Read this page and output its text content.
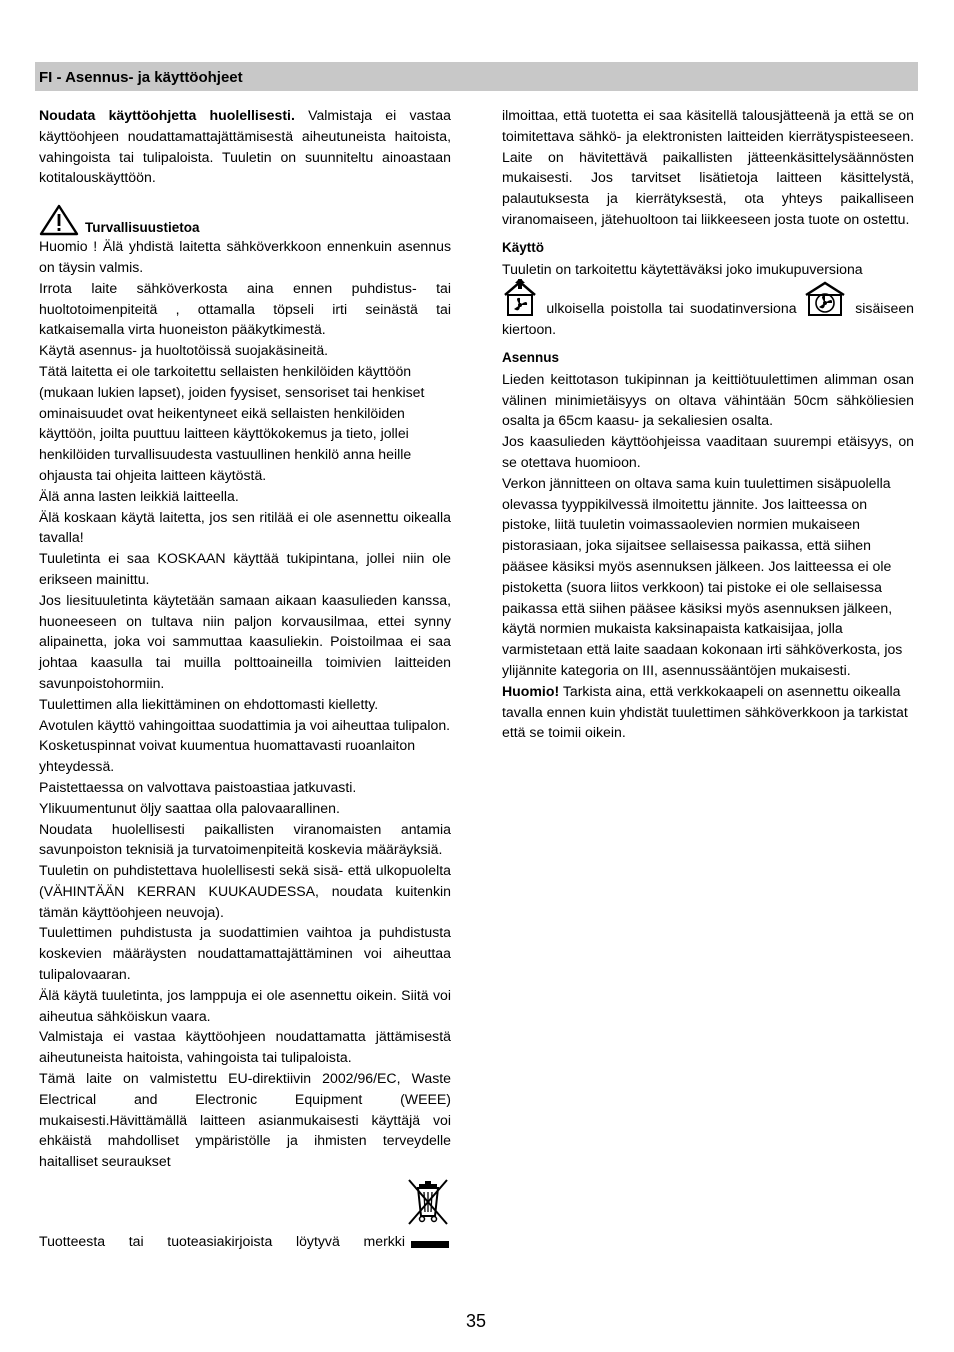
FI - Asennus- ja käyttöohjeet

Noudata käyttöohjetta huolellisesti. Valmistaja ei vastaa käyttöohjeen noudattamattajättämisestä aiheutuneista haitoista, vahingoista tai tulipaloista. Tuuletin on suunniteltu ainoastaan kotitalouskäyttöön.

Turvallisuustietoa

Huomio ! Älä yhdistä laitetta sähköverkkoon ennenkuin asennus on täysin valmis.

Irrota laite sähköverkosta aina ennen puhdistus- tai huoltotoimenpiteitä , ottamalla töpseli irti seinästä tai katkaisemalla virta huoneiston pääkytkimestä.

Käytä asennus- ja huoltotöissä suojakäsineitä.

Tätä laitetta ei ole tarkoitettu sellaisten henkilöiden käyttöön (mukaan lukien lapset), joiden fyysiset, sensoriset tai henkiset ominaisuudet ovat heikentyneet eikä sellaisten henkilöiden käyttöön, joilta puuttuu laitteen käyttökokemus ja tieto, jollei henkilöiden turvallisuudesta vastuullinen henkilö anna heille ohjausta tai ohjeita laitteen käytöstä.

Älä anna lasten leikkiä laitteella.

Älä koskaan käytä laitetta, jos sen ritilää ei ole asennettu oikealla tavalla!

Tuuletinta ei saa KOSKAAN käyttää tukipintana, jollei niin ole erikseen mainittu.

Jos liesituuletinta käytetään samaan aikaan kaasulieden kanssa, huoneeseen on tultava niin paljon korvausilmaa, ettei synny alipainetta, joka voi sammuttaa kaasuliekin. Poistoilmaa ei saa johtaa kaasulla tai muilla polttoaineilla toimivien laitteiden savunpoistohormiin.

Tuulettimen alla liekittäminen on ehdottomasti kielletty.

Avotulen käyttö vahingoittaa suodattimia ja voi aiheuttaa tulipalon.

Kosketuspinnat voivat kuumentua huomattavasti ruoanlaiton yhteydessä.

Paistettaessa on valvottava paistoastiaa jatkuvasti.

Ylikuumentunut öljy saattaa olla palovaarallinen.

Noudata huolellisesti paikallisten viranomaisten antamia savunpoiston teknisiä ja turvatoimenpiteitä koskevia määräyksiä.

Tuuletin on puhdistettava huolellisesti sekä sisä- että ulkopuolelta (VÄHINTÄÄN KERRAN KUUKAUDESSA, noudata kuitenkin tämän käyttöohjeen neuvoja).

Tuulettimen puhdistusta ja suodattimien vaihtoa ja puhdistusta koskevien määräysten noudattamattajättäminen voi aiheuttaa tulipalovaaran.

Älä käytä tuuletinta, jos lamppuja ei ole asennettu oikein. Siitä voi aiheutua sähköiskun vaara.

Valmistaja ei vastaa käyttöohjeen noudattamatta jättämisestä aiheutuneista haitoista, vahingoista tai tulipaloista.

Tämä laite on valmistettu EU-direktiivin 2002/96/EC, Waste Electrical and Electronic Equipment (WEEE) mukaisesti.Hävittämällä laitteen asianmukaisesti käyttäjä voi ehkäistä mahdolliset ympäristölle ja ihmisten terveydelle haitalliset seuraukset

Tuotteesta tai tuoteasiakirjoista löytyvä merkki

ilmoittaa, että tuotetta ei saa käsitellä talousjätteenä ja että se on toimitettava sähkö- ja elektronisten laitteiden kierrätyspisteeseen. Laite on hävitettävä paikallisten jätteenkäsittelysäännösten mukaisesti. Jos tarvitset lisätietoja laitteen käsittelystä, palautuksesta ja kierrätyksestä, ota yhteys paikalliseen viranomaiseen, jätehuoltoon tai liikkeeseen josta tuote on ostettu.

Käyttö

Tuuletin on tarkoitettu käytettäväksi joko imukupuversiona

ulkoisella poistolla tai suodatinversiona	sisäiseen kiertoon.

Asennus

Lieden keittotason tukipinnan ja keittiötuulettimen alimman osan välinen minimietäisyys on oltava vähintään 50cm sähköliesien osalta ja 65cm kaasu- ja sekaliesien osalta.

Jos kaasulieden käyttöohjeissa vaaditaan suurempi etäisyys, on se otettava huomioon.

Verkon jännitteen on oltava sama kuin tuulettimen sisäpuolella olevassa tyyppikilvessä ilmoitettu jännite. Jos laitteessa on pistoke, liitä tuuletin voimassaolevien normien mukaiseen pistorasiaan, joka sijaitsee sellaisessa paikassa, että siihen pääsee käsiksi myös asennuksen jälkeen. Jos laitteessa ei ole pistoketta (suora liitos verkkoon) tai pistoke ei ole sellaisessa paikassa että siihen pääsee käsiksi myös asennuksen jälkeen, käytä normien mukaista kaksinapaista katkaisijaa, jolla varmistetaan että laite saadaan kokonaan irti sähköverkosta, jos ylijännite kategoria on III, asennussääntöjen mukaisesti.

Huomio! Tarkista aina, että verkkokaapeli on asennettu oikealla tavalla ennen kuin yhdistät tuulettimen sähköverkkoon ja tarkistat että se toimii oikein.

35
